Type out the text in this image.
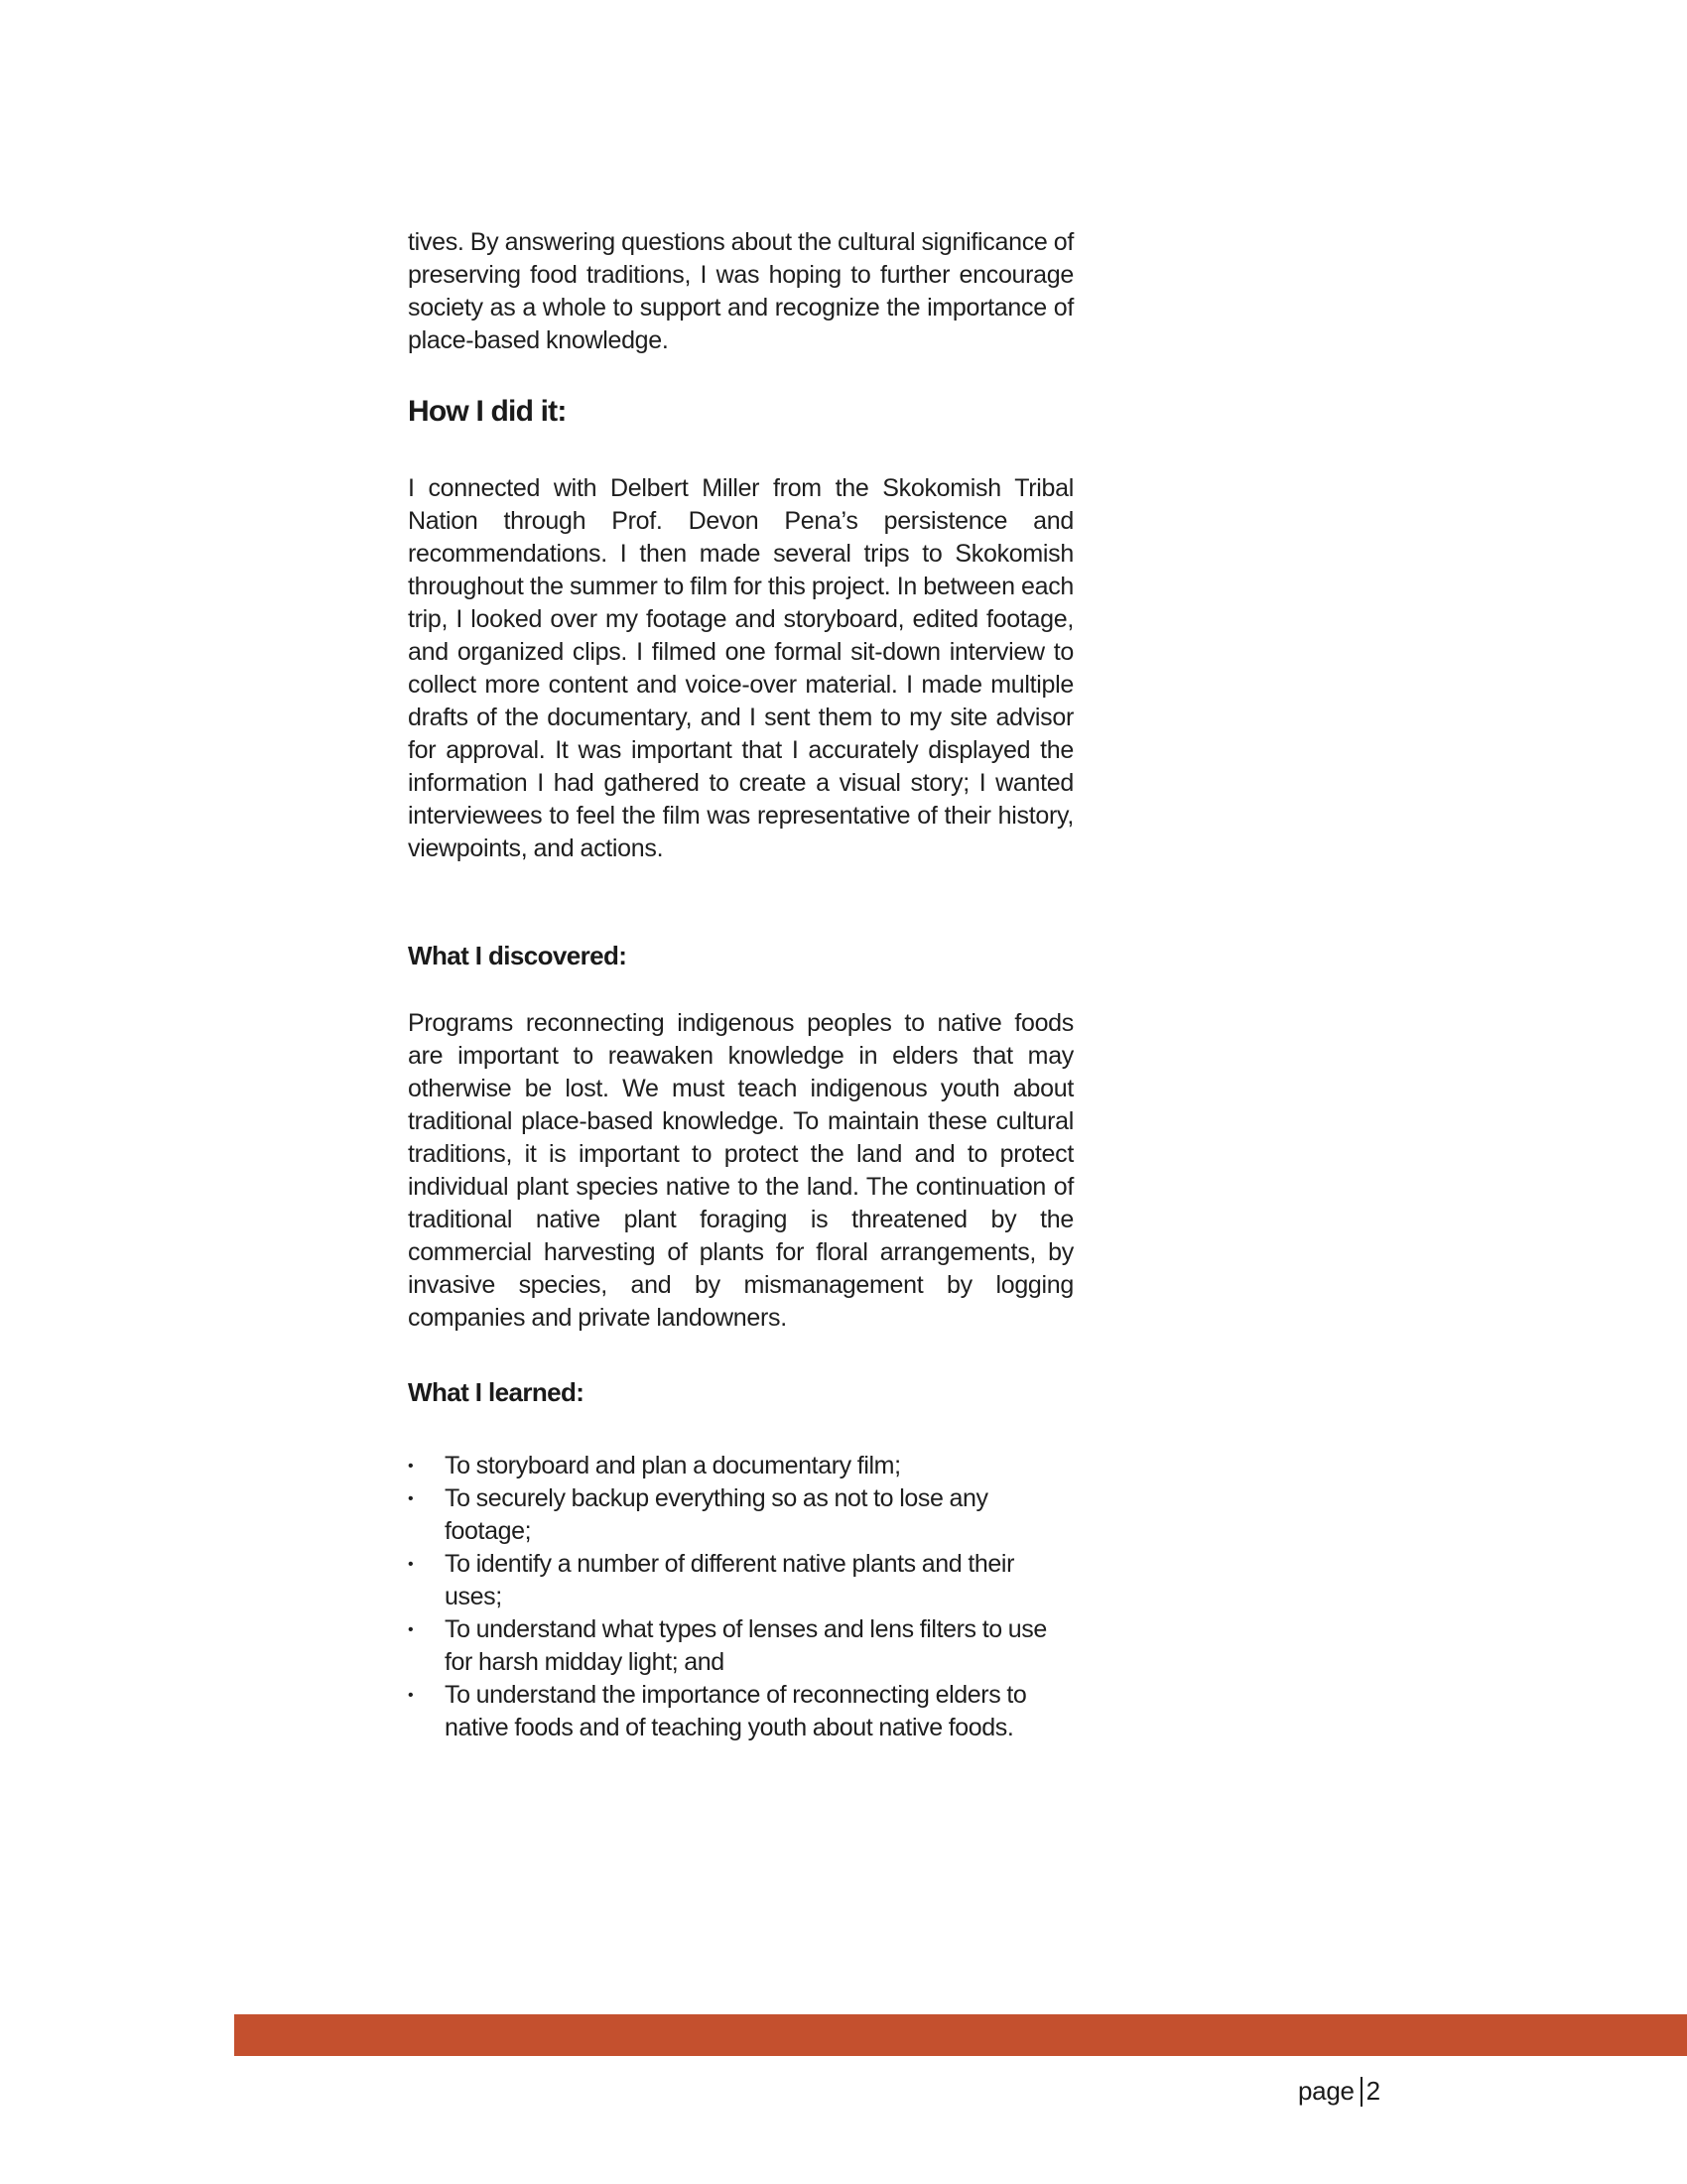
tives. By answering questions about the cultural significance of preserving food traditions, I was hoping to further encourage society as a whole to support and recognize the importance of place-based knowledge.

How I did it:

I connected with Delbert Miller from the Skokomish Tribal Nation through Prof. Devon Pena’s persistence and recommendations. I then made several trips to Skokomish throughout the summer to film for this project. In between each trip, I looked over my footage and storyboard, edited footage, and organized clips. I filmed one formal sit-down interview to collect more content and voice-over material. I made multiple drafts of the documentary, and I sent them to my site advisor for approval. It was important that I accurately displayed the information I had gathered to create a visual story; I wanted interviewees to feel the film was representative of their history, viewpoints, and actions.

What I discovered:

Programs reconnecting indigenous peoples to native foods are important to reawaken knowledge in elders that may otherwise be lost. We must teach indigenous youth about traditional place-based knowledge. To maintain these cultural traditions, it is important to protect the land and to protect individual plant species native to the land. The continuation of traditional native plant foraging is threatened by the commercial harvesting of plants for floral arrangements, by invasive species, and by mismanagement by logging companies and private landowners.

What I learned:
• To storyboard and plan a documentary film;
• To securely backup everything so as not to lose any footage;
• To identify a number of different native plants and their uses;
• To understand what types of lenses and lens filters to use for harsh midday light; and
• To understand the importance of reconnecting elders to native foods and of teaching youth about native foods.
page 2
